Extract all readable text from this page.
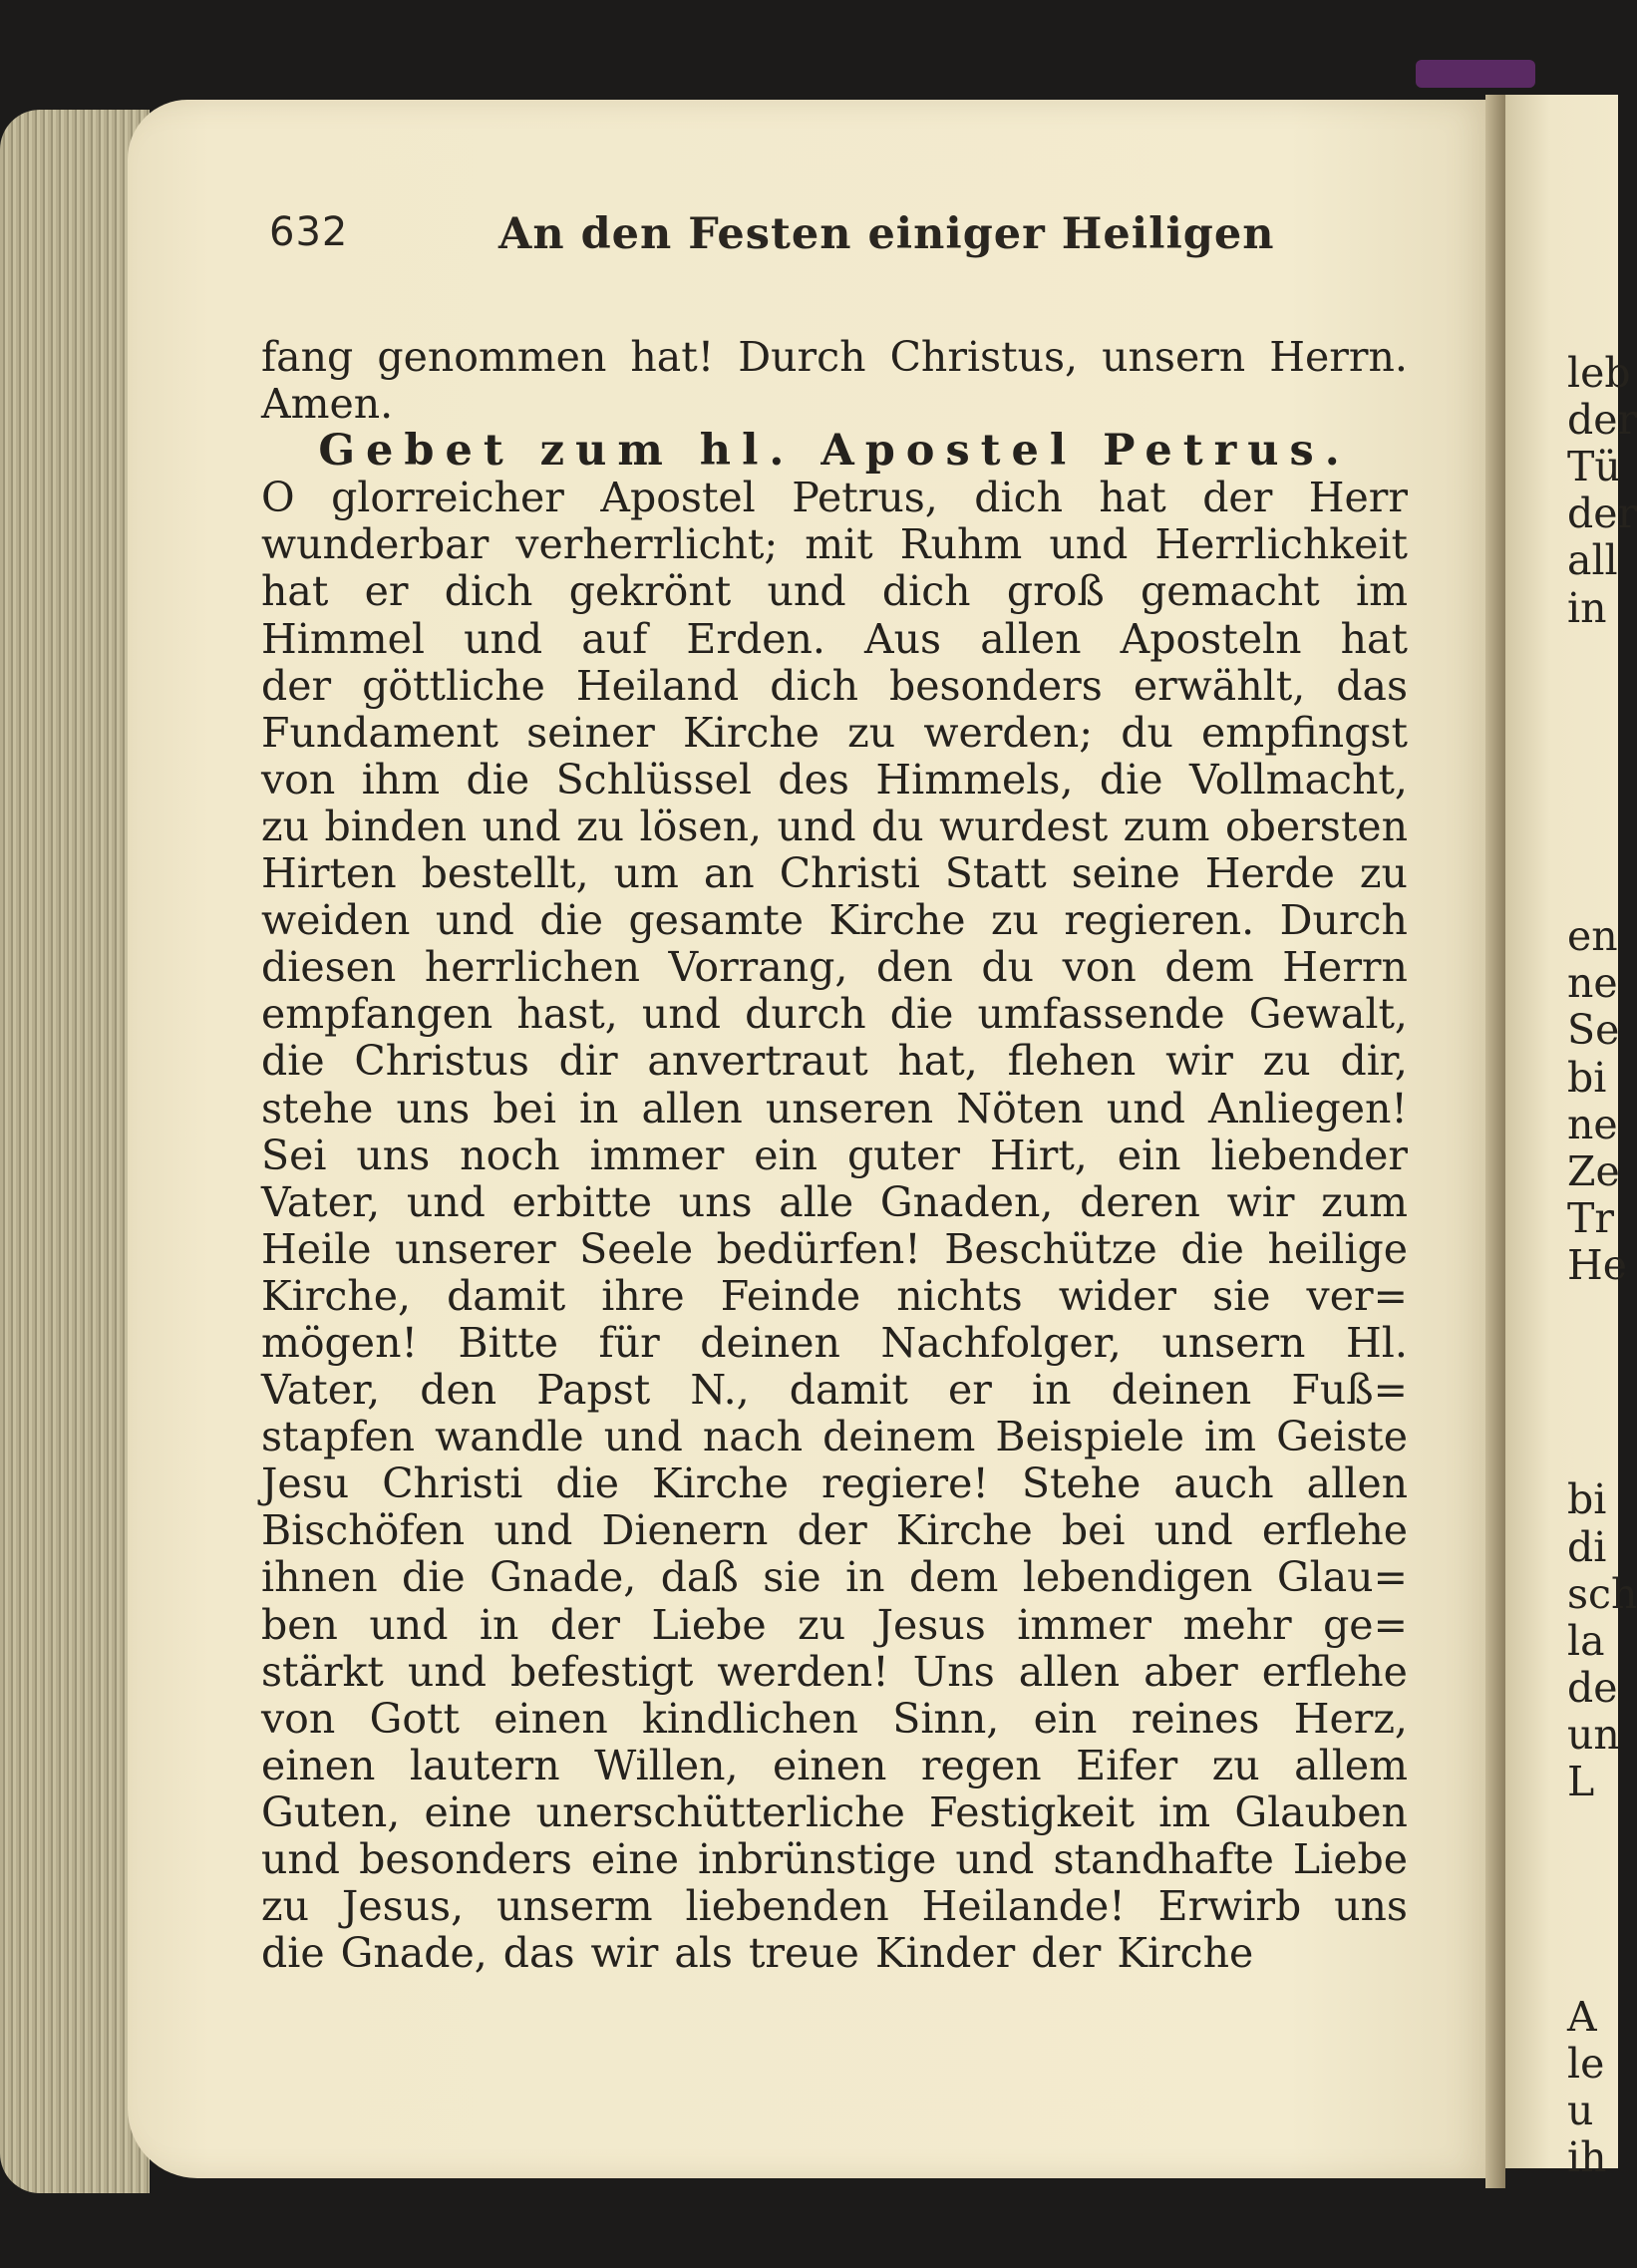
632	An den Festen einiger Heiligen
fang genommen hat! Durch Christus, unsern Herrn.
Amen.
Gebet zum hl. Apostel Petrus.
O glorreicher Apostel Petrus, dich hat der Herr
wunderbar verherrlicht; mit Ruhm und Herrlichkeit
hat er dich gekrönt und dich groß gemacht im
Himmel und auf Erden. Aus allen Aposteln hat
der göttliche Heiland dich besonders erwählt, das
Fundament seiner Kirche zu werden; du empfingst
von ihm die Schlüssel des Himmels, die Vollmacht,
zu binden und zu lösen, und du wurdest zum obersten
Hirten bestellt, um an Christi Statt seine Herde zu
weiden und die gesamte Kirche zu regieren. Durch
diesen herrlichen Vorrang, den du von dem Herrn
empfangen hast, und durch die umfassende Gewalt,
die Christus dir anvertraut hat, flehen wir zu dir,
stehe uns bei in allen unseren Nöten und Anliegen!
Sei uns noch immer ein guter Hirt, ein liebender
Vater, und erbitte uns alle Gnaden, deren wir zum
Heile unserer Seele bedürfen! Beschütze die heilige
Kirche, damit ihre Feinde nichts wider sie ver=
mögen! Bitte für deinen Nachfolger, unsern Hl.
Vater, den Papst N., damit er in deinen Fuß=
stapfen wandle und nach deinem Beispiele im Geiste
Jesu Christi die Kirche regiere! Stehe auch allen
Bischöfen und Dienern der Kirche bei und erflehe
ihnen die Gnade, daß sie in dem lebendigen Glau=
ben und in der Liebe zu Jesus immer mehr ge=
stärkt und befestigt werden! Uns allen aber erflehe
von Gott einen kindlichen Sinn, ein reines Herz,
einen lautern Willen, einen regen Eifer zu allem
Guten, eine unerschütterliche Festigkeit im Glauben
und besonders eine inbrünstige und standhafte Liebe
zu Jesus, unserm liebenden Heilande! Erwirb uns
die Gnade, das wir als treue Kinder der Kirche
leb
der
Tü
der
all
in
en
ne
Se
bi
ne
Ze
Tr
He
bi
di
sch
la
de
un
L
A
le
u
ih
